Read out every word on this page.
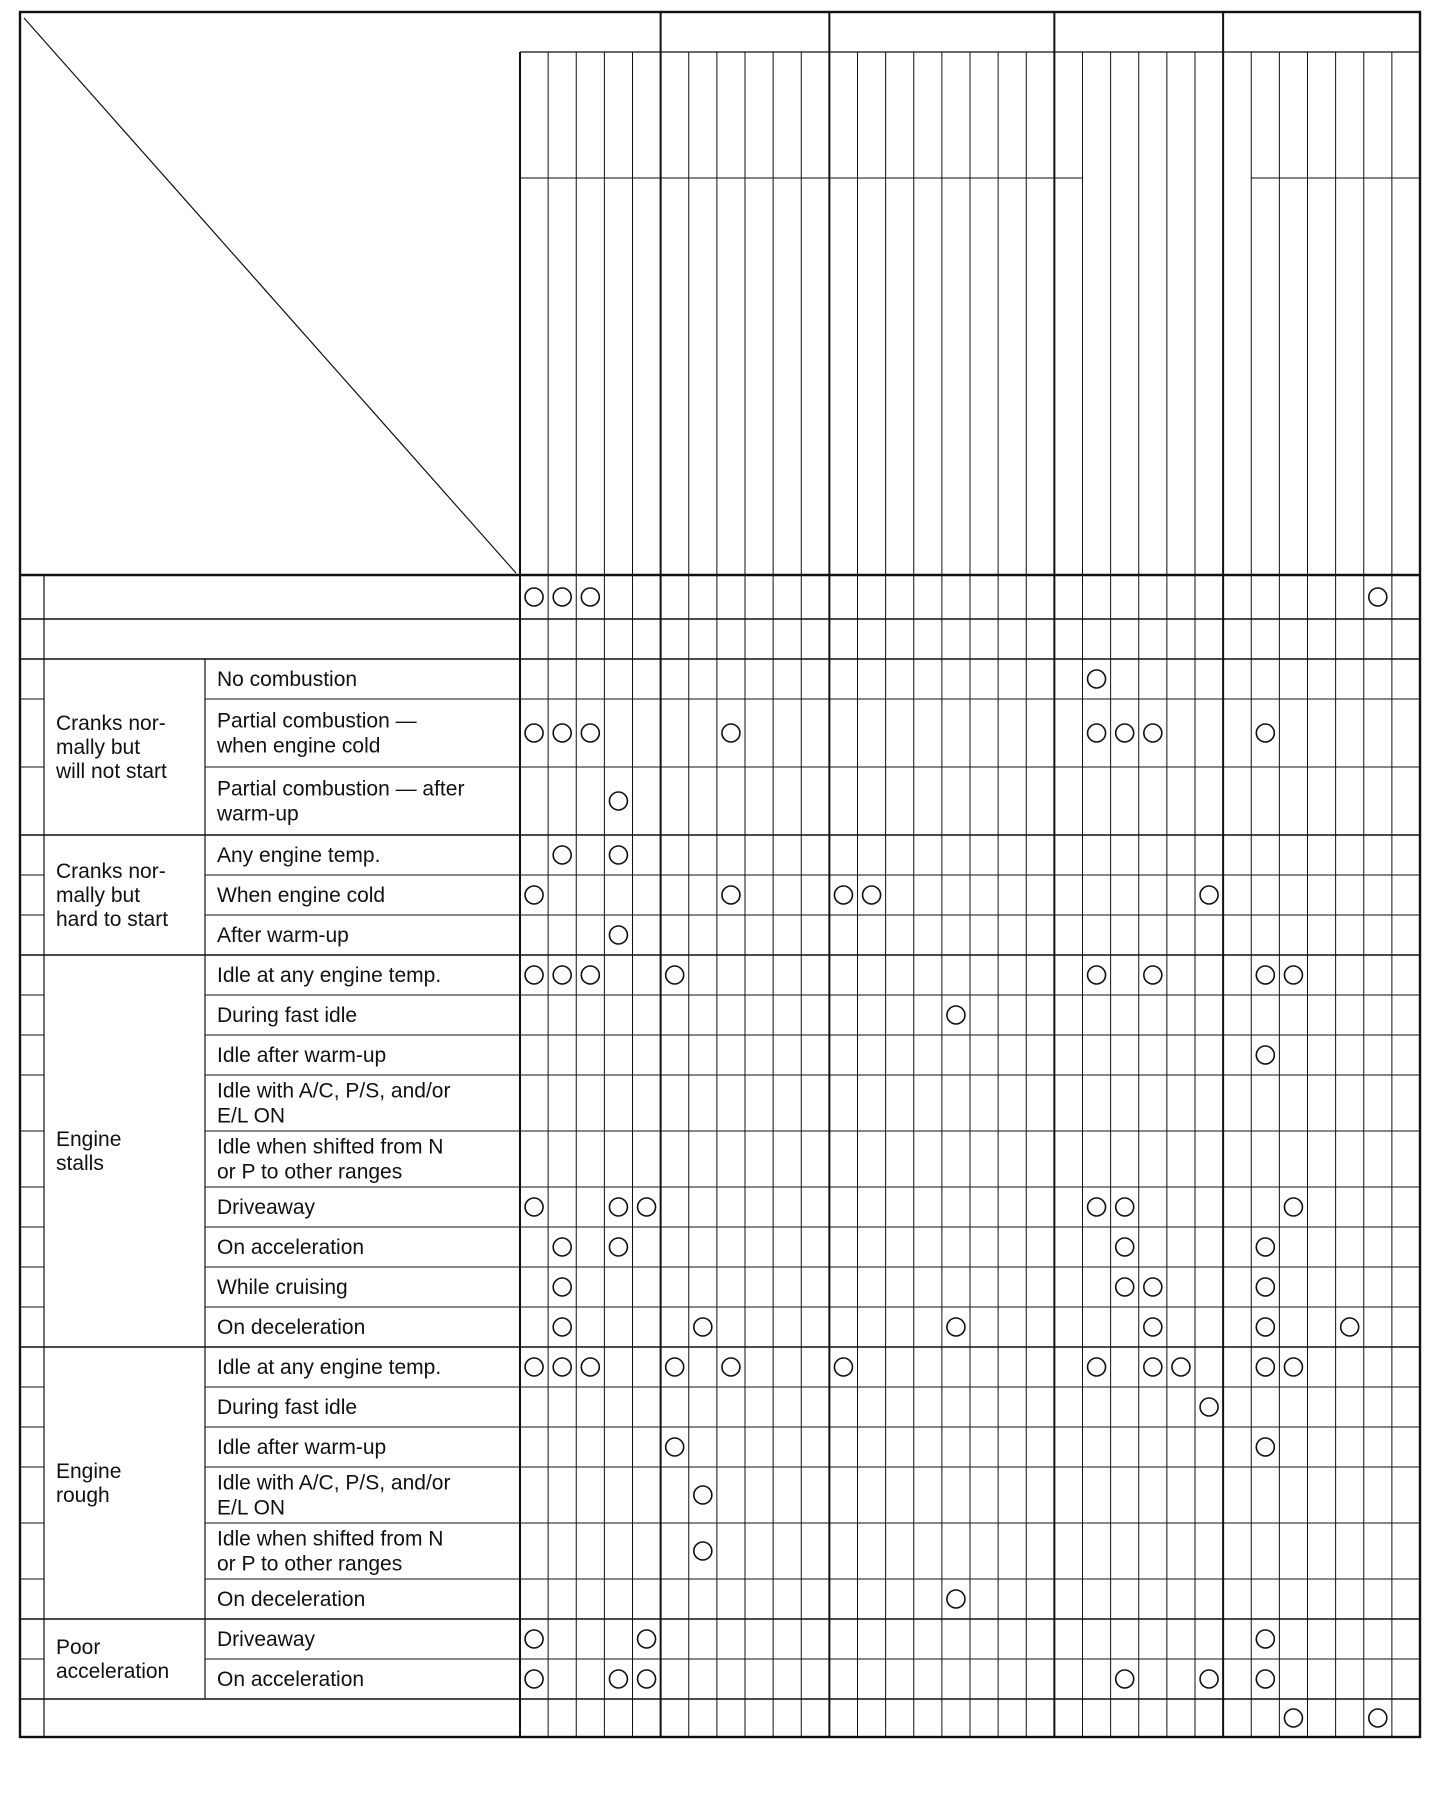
No combustion
Partial combustion — when engine cold
Partial combustion — after warm-up
Any engine temp.
When engine cold
After warm-up
Idle at any engine temp.
During fast idle
Idle after warm-up
Idle with A/C, P/S, and/or E/L ON
Idle when shifted from N or P to other ranges
Driveaway
On acceleration
While cruising
On deceleration
Idle at any engine temp.
During fast idle
Idle after warm-up
Idle with A/C, P/S, and/or E/L ON
Idle when shifted from N or P to other ranges
On deceleration
Driveaway
On acceleration
Cranks nor-mally but will not start
Cranks nor-mally but hard to start
Engine stalls
Engine rough
Poor acceleration
